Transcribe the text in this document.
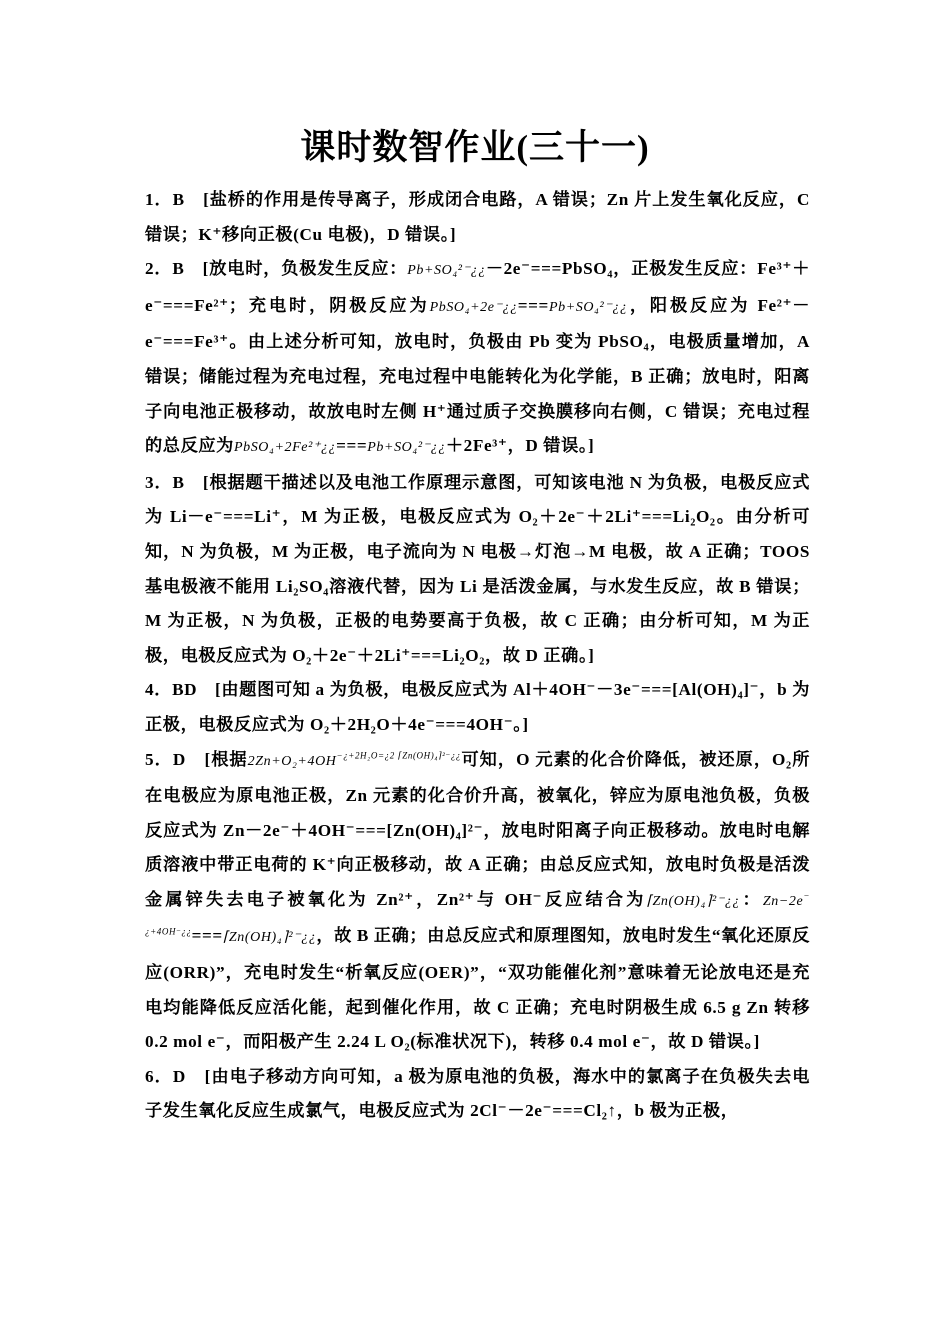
课时数智作业(三十一)

1．B　[盐桥的作用是传导离子，形成闭合电路，A 错误；Zn 片上发生氧化反应，C 错误；K⁺移向正极(Cu 电极)，D 错误。]

2．B　[放电时，负极发生反应：Pb+SO₄²⁻¿¿－2e⁻===PbSO₄，正极发生反应：Fe³⁺＋e⁻===Fe²⁺；充电时，阴极反应为PbSO₄+2e⁻¿¿===Pb+SO₄²⁻¿¿，阳极反应为 Fe²⁺－e⁻===Fe³⁺。由上述分析可知，放电时，负极由 Pb 变为 PbSO₄，电极质量增加，A 错误；储能过程为充电过程，充电过程中电能转化为化学能，B 正确；放电时，阳离子向电池正极移动，故放电时左侧 H⁺通过质子交换膜移向右侧，C 错误；充电过程的总反应为PbSO₄+2Fe²⁺¿¿===Pb+SO₄²⁻¿¿＋2Fe³⁺，D 错误。]

3．B　[根据题干描述以及电池工作原理示意图，可知该电池 N 为负极，电极反应式为 Li－e⁻===Li⁺，M 为正极，电极反应式为 O₂＋2e⁻＋2Li⁺===Li₂O₂。由分析可知，N 为负极，M 为正极，电子流向为 N 电极→灯泡→M 电极，故 A 正确；TOOS 基电极液不能用 Li₂SO₄溶液代替，因为 Li 是活泼金属，与水发生反应，故 B 错误；M 为正极，N 为负极，正极的电势要高于负极，故 C 正确；由分析可知，M 为正极，电极反应式为 O₂＋2e⁻＋2Li⁺===Li₂O₂，故 D 正确。]

4．BD　[由题图可知 a 为负极，电极反应式为 Al＋4OH⁻－3e⁻===[Al(OH)₄]⁻，b 为正极，电极反应式为 O₂＋2H₂O＋4e⁻===4OH⁻。]

5．D　[根据$2Zn+O_2+4OH^{-¿+2H_2O=¿2 ⌈Zn(OH)_4⌉^{2-}¿¿}$可知，O 元素的化合价降低，被还原，O₂所在电极应为原电池正极，Zn 元素的化合价升高，被氧化，锌应为原电池负极，负极反应式为 Zn－2e⁻＋4OH⁻===[Zn(OH)₄]²⁻，放电时阳离子向正极移动。放电时电解质溶液中带正电荷的 K⁺向正极移动，故 A 正确；由总反应式知，放电时负极是活泼金属锌失去电子被氧化为 Zn²⁺，Zn²⁺与 OH⁻反应结合为⌈Zn(OH)₄⌉²⁻¿¿：$Zn-2e^{-¿+4OH^-¿¿}===⌈Zn(OH)_4⌉^{2-}¿¿$，故 B 正确；由总反应式和原理图知，放电时发生“氧化还原反应(ORR)”，充电时发生“析氧反应(OER)”，“双功能催化剂”意味着无论放电还是充电均能降低反应活化能，起到催化作用，故 C 正确；充电时阴极生成 6.5 g Zn 转移 0.2 mol e⁻，而阳极产生 2.24 L O₂(标准状况下)，转移 0.4 mol e⁻，故 D 错误。]

6．D　[由电子移动方向可知，a 极为原电池的负极，海水中的氯离子在负极失去电子发生氧化反应生成氯气，电极反应式为 2Cl⁻－2e⁻===Cl₂↑，b 极为正极，
